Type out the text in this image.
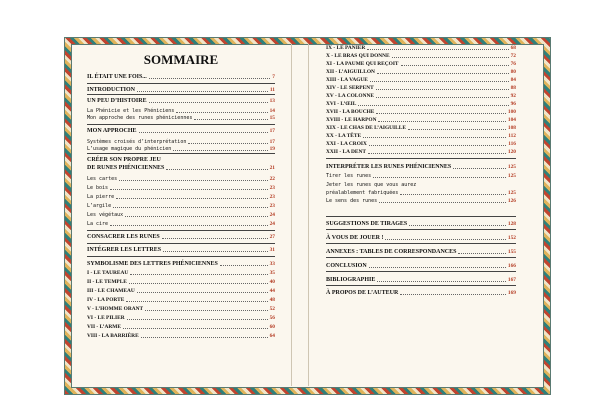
SOMMAIRE
IL ÉTAIT UNE FOIS...	7
INTRODUCTION	11
UN PEU D’HISTOIRE	13
La Phénicie et les Phéniciens	14
Mon approche des runes phéniciennes	15
MON APPROCHE	17
Systèmes croisés d’interprétation	17
L’usage magique du phénicien	19
CRÉER SON PROPRE JEU
DE RUNES PHÉNICIENNES	21
Les cartes	22
Le bois	23
La pierre	23
L’argile	23
Les végétaux	24
La cire	24
CONSACRER LES RUNES	27
INTÉGRER LES LETTRES	31
SYMBOLISME DES LETTRES PHÉNICIENNES	33
I - LE TAUREAU	35
II - LE TEMPLE	40
III - LE CHAMEAU	44
IV - LA PORTE	48
V - L’HOMME ORANT	52
VI - LE PILIER	56
VII - L’ARME	60
VIII - LA BARRIÈRE	64
IX - LE PANIER	68
X - LE BRAS QUI DONNE	72
XI - LA PAUME QUI REÇOIT	76
XII - L’AIGUILLON	80
XIII - LA VAGUE	84
XIV - LE SERPENT	88
XV - LA COLONNE	92
XVI - L’ŒIL	96
XVII - LA BOUCHE	100
XVIII - LE HARPON	104
XIX - LE CHAS DE L’AIGUILLE	108
XX - LA TÊTE	112
XXI - LA CROIX	116
XXII - LA DENT	120
INTERPRÉTER LES RUNES PHÉNICIENNES	125
Tirer les runes	125
Jeter les runes que vous aurez
préalablement fabriquées	125
Le sens des runes	126
SUGGESTIONS DE TIRAGES	128
À VOUS DE JOUER !	152
ANNEXES : TABLES DE CORRESPONDANCES	155
CONCLUSION	166
BIBLIOGRAPHIE	167
À PROPOS DE L’AUTEUR	169
